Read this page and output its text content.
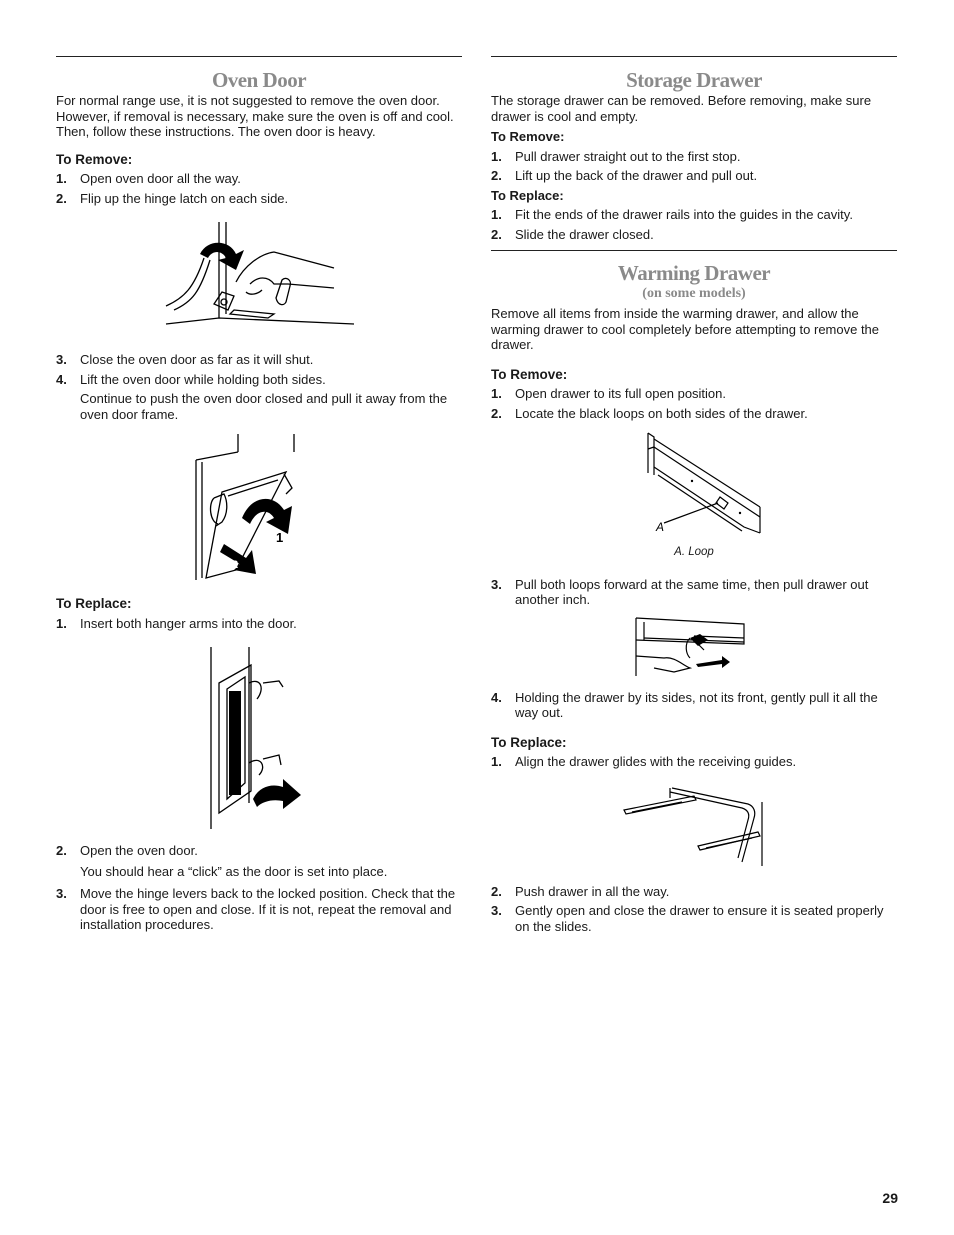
Oven Door

For normal range use, it is not suggested to remove the oven door. However, if removal is necessary, make sure the oven is off and cool. Then, follow these instructions. The oven door is heavy.

To Remove:

1.	Open oven door all the way.
2.	Flip up the hinge latch on each side.
3.	Close the oven door as far as it will shut.
4.	Lift the oven door while holding both sides.

Continue to push the oven door closed and pull it away from the oven door frame.

1
2

To Replace:

1.	Insert both hanger arms into the door.
2.	Open the oven door.

You should hear a “click” as the door is set into place.

3.	Move the hinge levers back to the locked position. Check that the door is free to open and close. If it is not, repeat the removal and installation procedures.
Storage Drawer

The storage drawer can be removed. Before removing, make sure drawer is cool and empty.

To Remove:

1.	Pull drawer straight out to the first stop.
2.	Lift up the back of the drawer and pull out.

To Replace:

1.	Fit the ends of the drawer rails into the guides in the cavity.
2.	Slide the drawer closed.
Warming Drawer

(on some models)

Remove all items from inside the warming drawer, and allow the warming drawer to cool completely before attempting to remove the drawer.

To Remove:

1.	Open drawer to its full open position.
2.	Locate the black loops on both sides of the drawer.
A

A. Loop

3.	Pull both loops forward at the same time, then pull drawer out another inch.
4.	Holding the drawer by its sides, not its front, gently pull it all the way out.

To Replace:

1.	Align the drawer glides with the receiving guides.
2.	Push drawer in all the way.
3.	Gently open and close the drawer to ensure it is seated properly on the slides.
29
